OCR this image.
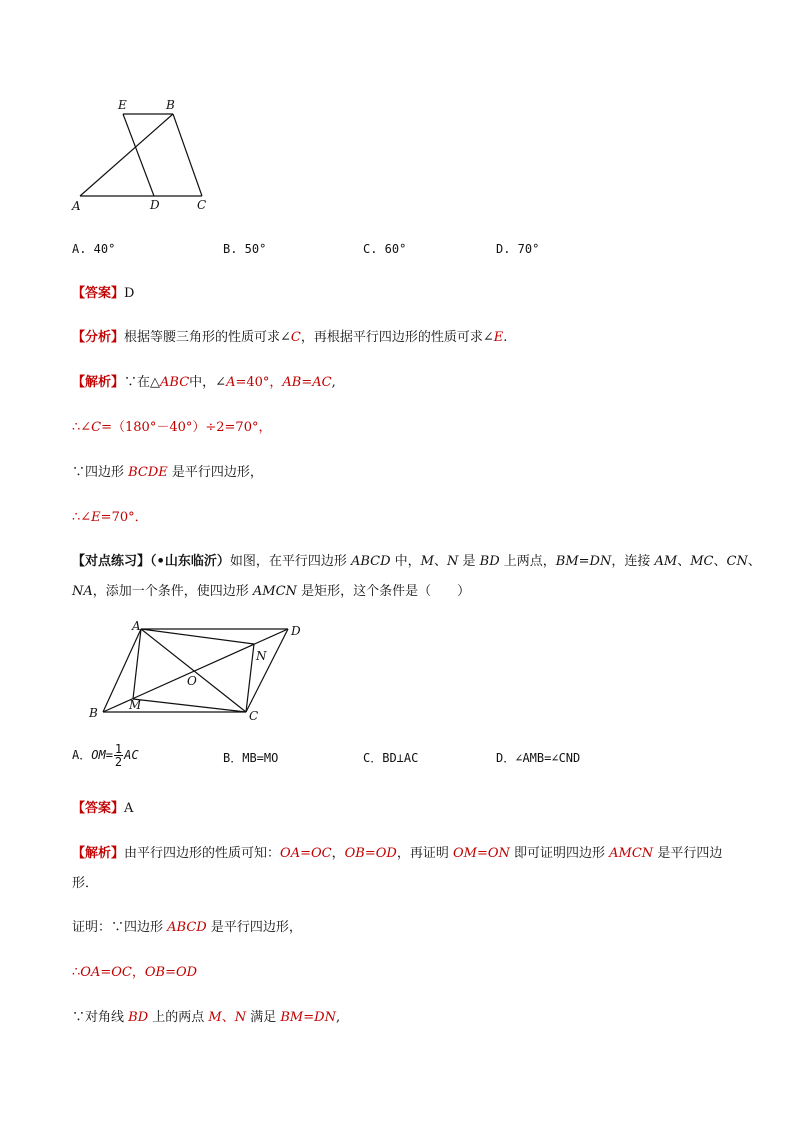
E	B
A	D	C
A. 40°	B. 50°	C. 60°	D. 70°
【答案】D
【分析】根据等腰三角形的性质可求∠C，再根据平行四边形的性质可求∠E.
【解析】∵在△ABC中，∠A=40°，AB=AC,
∴∠C=（180°－40°）÷2=70°，
∵四边形 BCDE 是平行四边形，
∴∠E=70°．
【对点练习】（•山东临沂）如图，在平行四边形 ABCD 中，M、N 是 BD 上两点，BM=DN，连接 AM、MC、CN、
NA，添加一个条件，使四边形 AMCN 是矩形，这个条件是（　　）
A	D
N
O
B
M
C
A．$OM= \frac{1}{2}$ AC	B．MB=MO	C．BD⊥AC	D．∠AMB=∠CND
【答案】A
【解析】由平行四边形的性质可知：OA=OC，OB=OD，再证明 OM=ON 即可证明四边形 AMCN 是平行四边
形．
证明：∵四边形 ABCD 是平行四边形，
∴OA=OC，OB=OD
∵对角线 BD 上的两点 M、N 满足 BM=DN,
